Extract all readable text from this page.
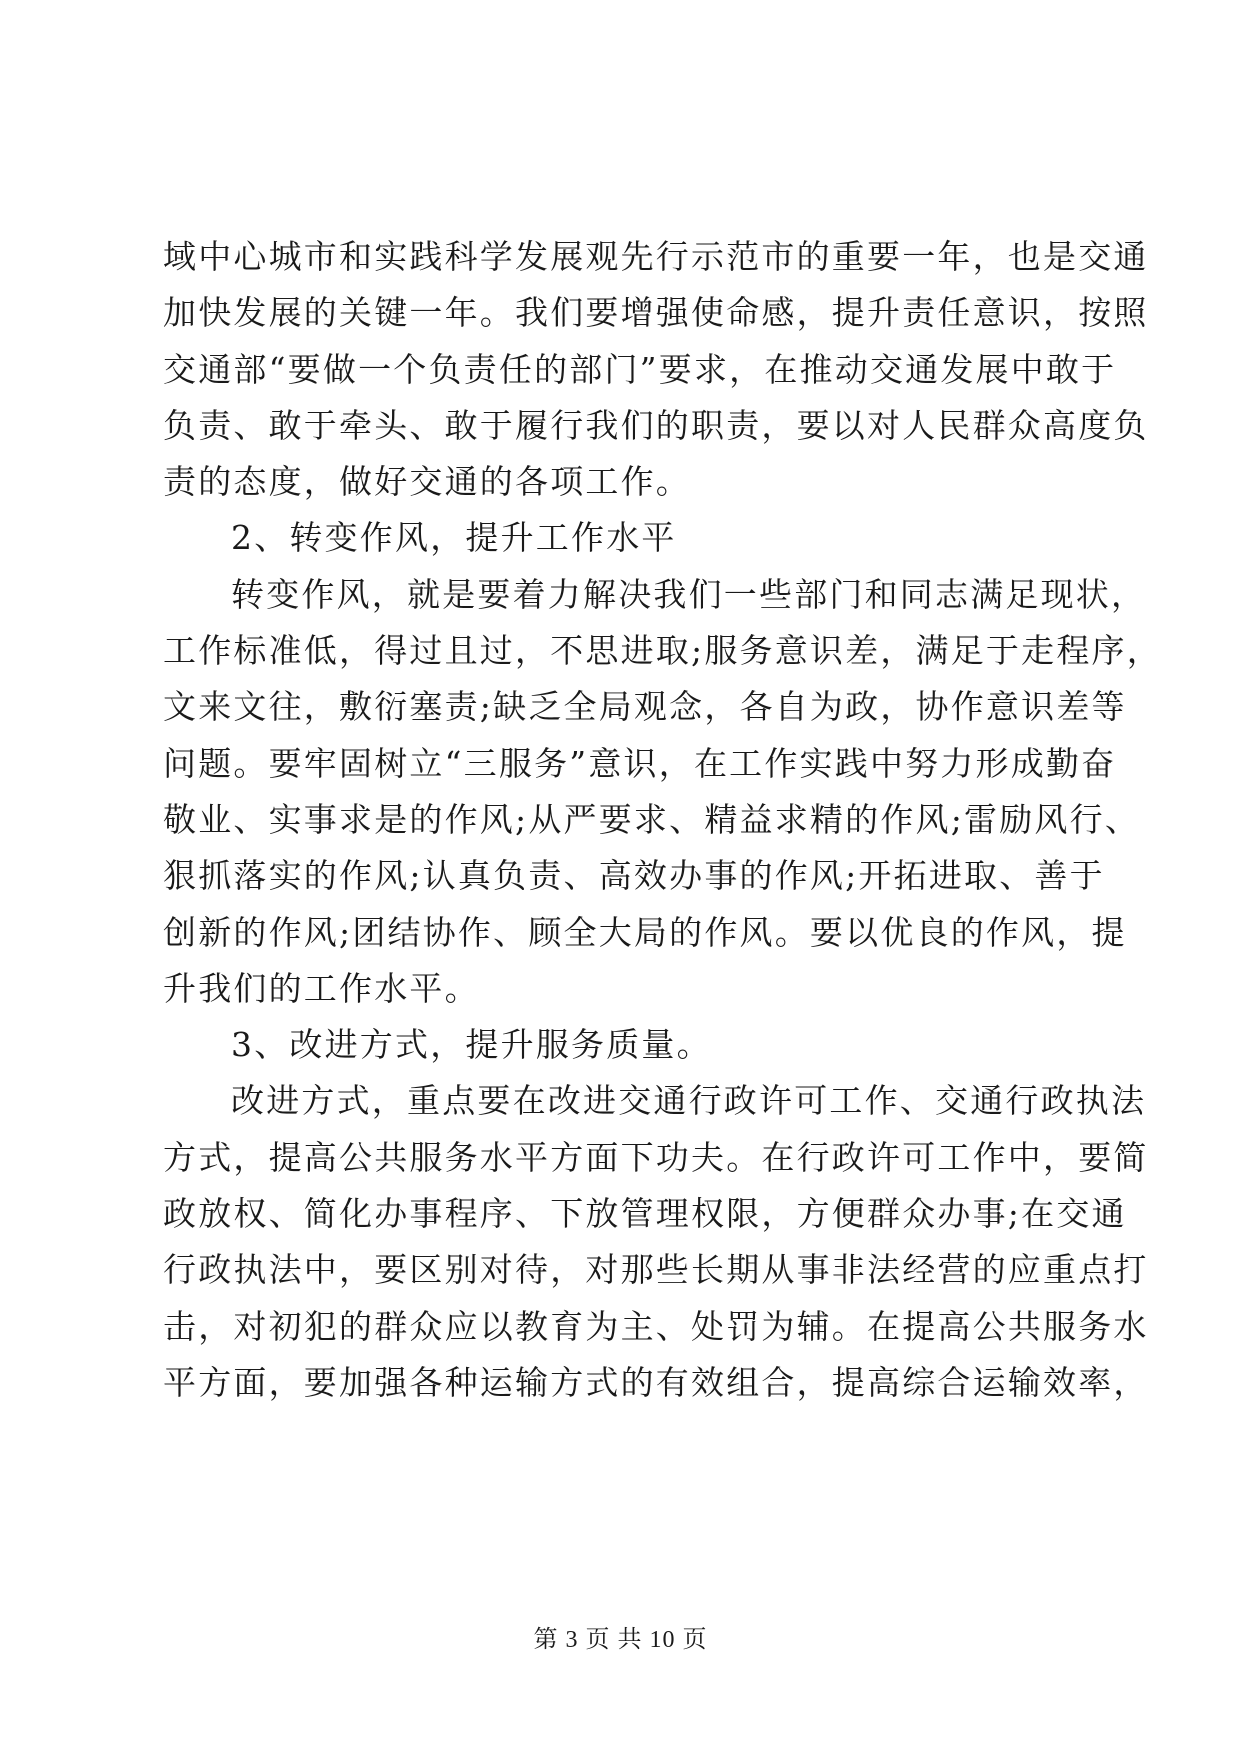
域中心城市和实践科学发展观先行示范市的重要一年，也是交通
加快发展的关键一年。我们要增强使命感，提升责任意识，按照
交通部“要做一个负责任的部门”要求，在推动交通发展中敢于
负责、敢于牵头、敢于履行我们的职责，要以对人民群众高度负
责的态度，做好交通的各项工作。
2、转变作风，提升工作水平
转变作风，就是要着力解决我们一些部门和同志满足现状，
工作标准低，得过且过，不思进取;服务意识差，满足于走程序，
文来文往，敷衍塞责;缺乏全局观念，各自为政，协作意识差等
问题。要牢固树立“三服务”意识，在工作实践中努力形成勤奋
敬业、实事求是的作风;从严要求、精益求精的作风;雷励风行、
狠抓落实的作风;认真负责、高效办事的作风;开拓进取、善于
创新的作风;团结协作、顾全大局的作风。要以优良的作风，提
升我们的工作水平。
3、改进方式，提升服务质量。
改进方式，重点要在改进交通行政许可工作、交通行政执法
方式，提高公共服务水平方面下功夫。在行政许可工作中，要简
政放权、简化办事程序、下放管理权限，方便群众办事;在交通
行政执法中，要区别对待，对那些长期从事非法经营的应重点打
击，对初犯的群众应以教育为主、处罚为辅。在提高公共服务水
平方面，要加强各种运输方式的有效组合，提高综合运输效率，
第 3 页 共 10 页
